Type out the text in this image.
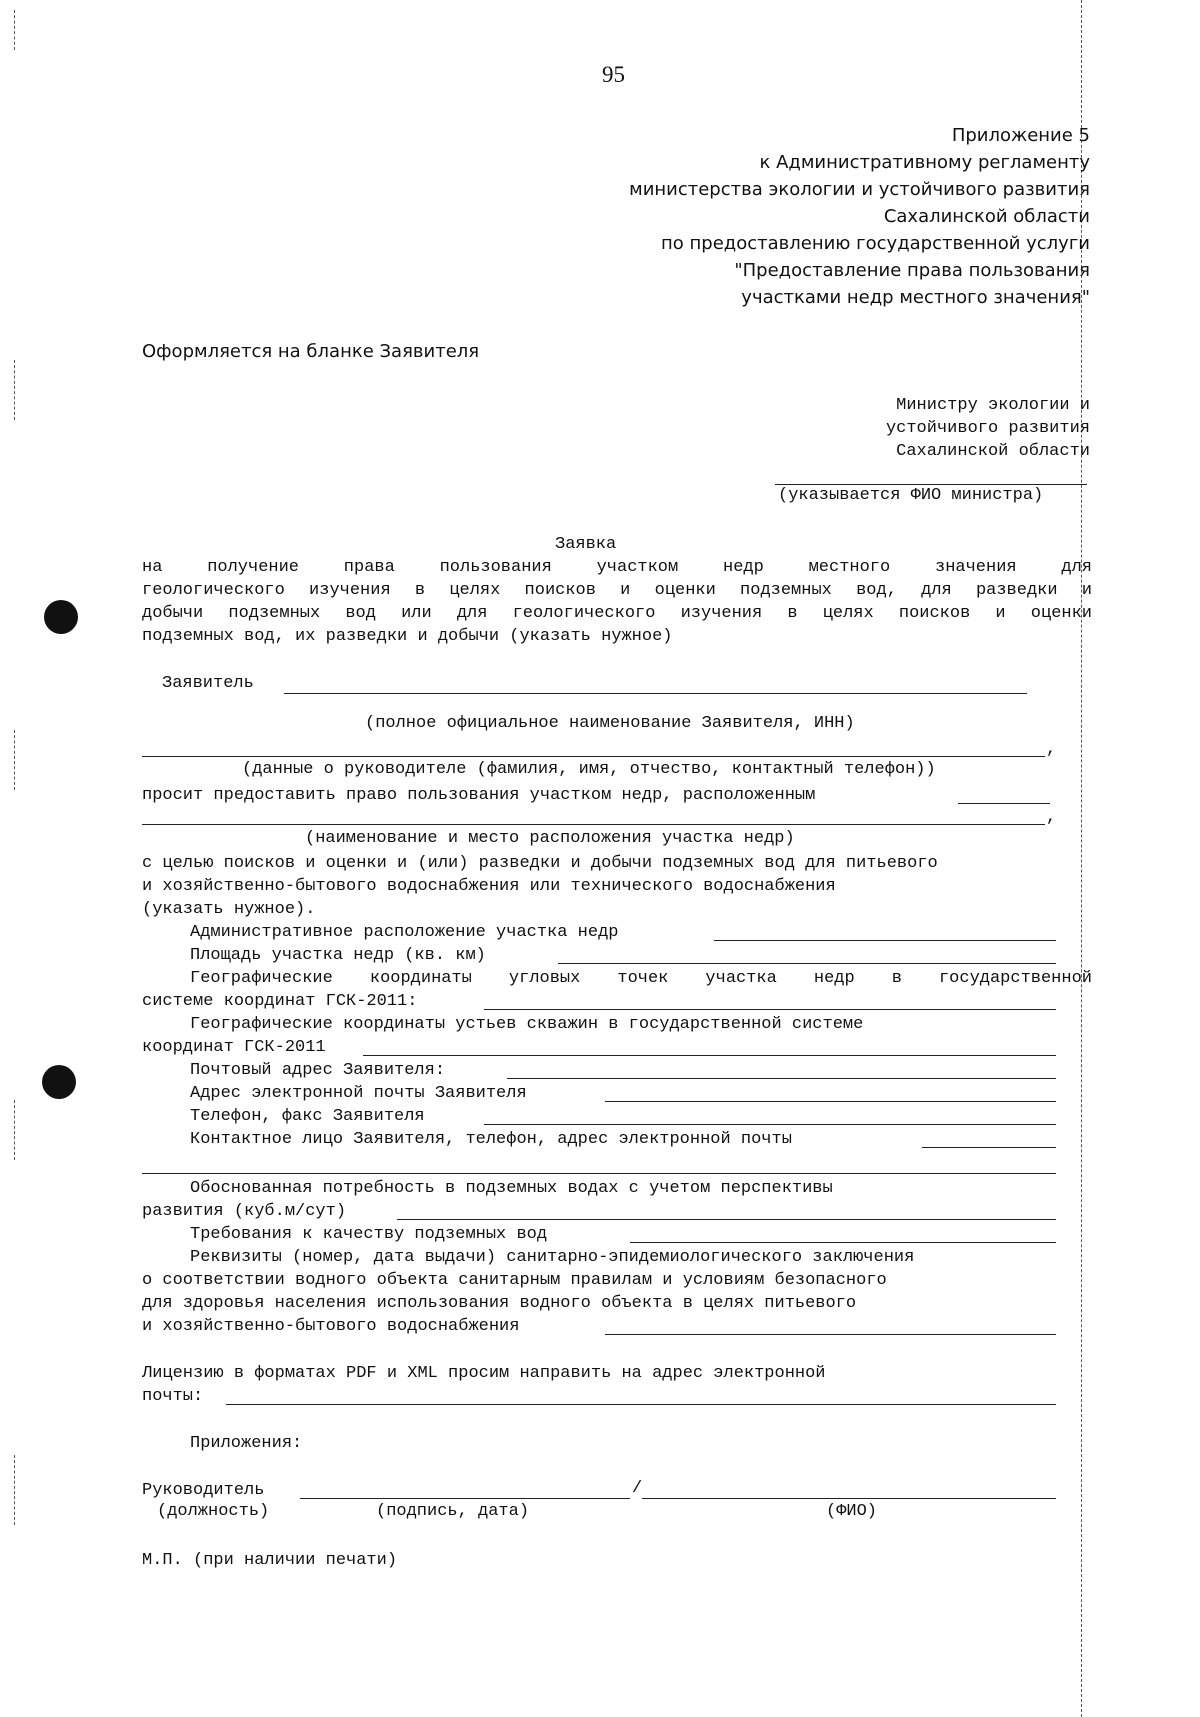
95
Приложение 5
к Административному регламенту
министерства экологии и устойчивого развития
Сахалинской области
по предоставлению государственной услуги
"Предоставление права пользования
участками недр местного значения"
Оформляется на бланке Заявителя
Министру экологии и
устойчивого развития
Сахалинской области
(указывается ФИО министра)
Заявка
на получение права пользования участком недр местного значения для
геологического изучения в целях поисков и оценки подземных вод, для разведки и
добычи подземных вод или для геологического изучения в целях поисков и оценки
подземных вод, их разведки и добычи (указать нужное)
Заявитель
(полное официальное наименование Заявителя, ИНН)
,
(данные о руководителе (фамилия, имя, отчество, контактный телефон))
просит предоставить право пользования участком недр, расположенным
,
(наименование и место расположения участка недр)
с целью поисков и оценки и (или) разведки и добычи подземных вод для питьевого
и хозяйственно-бытового водоснабжения или технического водоснабжения
(указать нужное).
Административное расположение участка недр
Площадь участка недр (кв. км)
Географические координаты угловых точек участка недр в государственной
системе координат ГСК-2011:
Географические координаты устьев скважин в государственной системе
координат ГСК-2011
Почтовый адрес Заявителя:
Адрес электронной почты Заявителя
Телефон, факс Заявителя
Контактное лицо Заявителя, телефон, адрес электронной почты
Обоснованная потребность в подземных водах с учетом перспективы
развития (куб.м/сут)
Требования к качеству подземных вод
Реквизиты (номер, дата выдачи) санитарно-эпидемиологического заключения
о соответствии водного объекта санитарным правилам и условиям безопасного
для здоровья населения использования водного объекта в целях питьевого
и хозяйственно-бытового водоснабжения
Лицензию в форматах PDF и XML просим направить на адрес электронной
почты:
Приложения:
Руководитель	/
(должность)	(подпись, дата)	(ФИО)
М.П. (при наличии печати)
